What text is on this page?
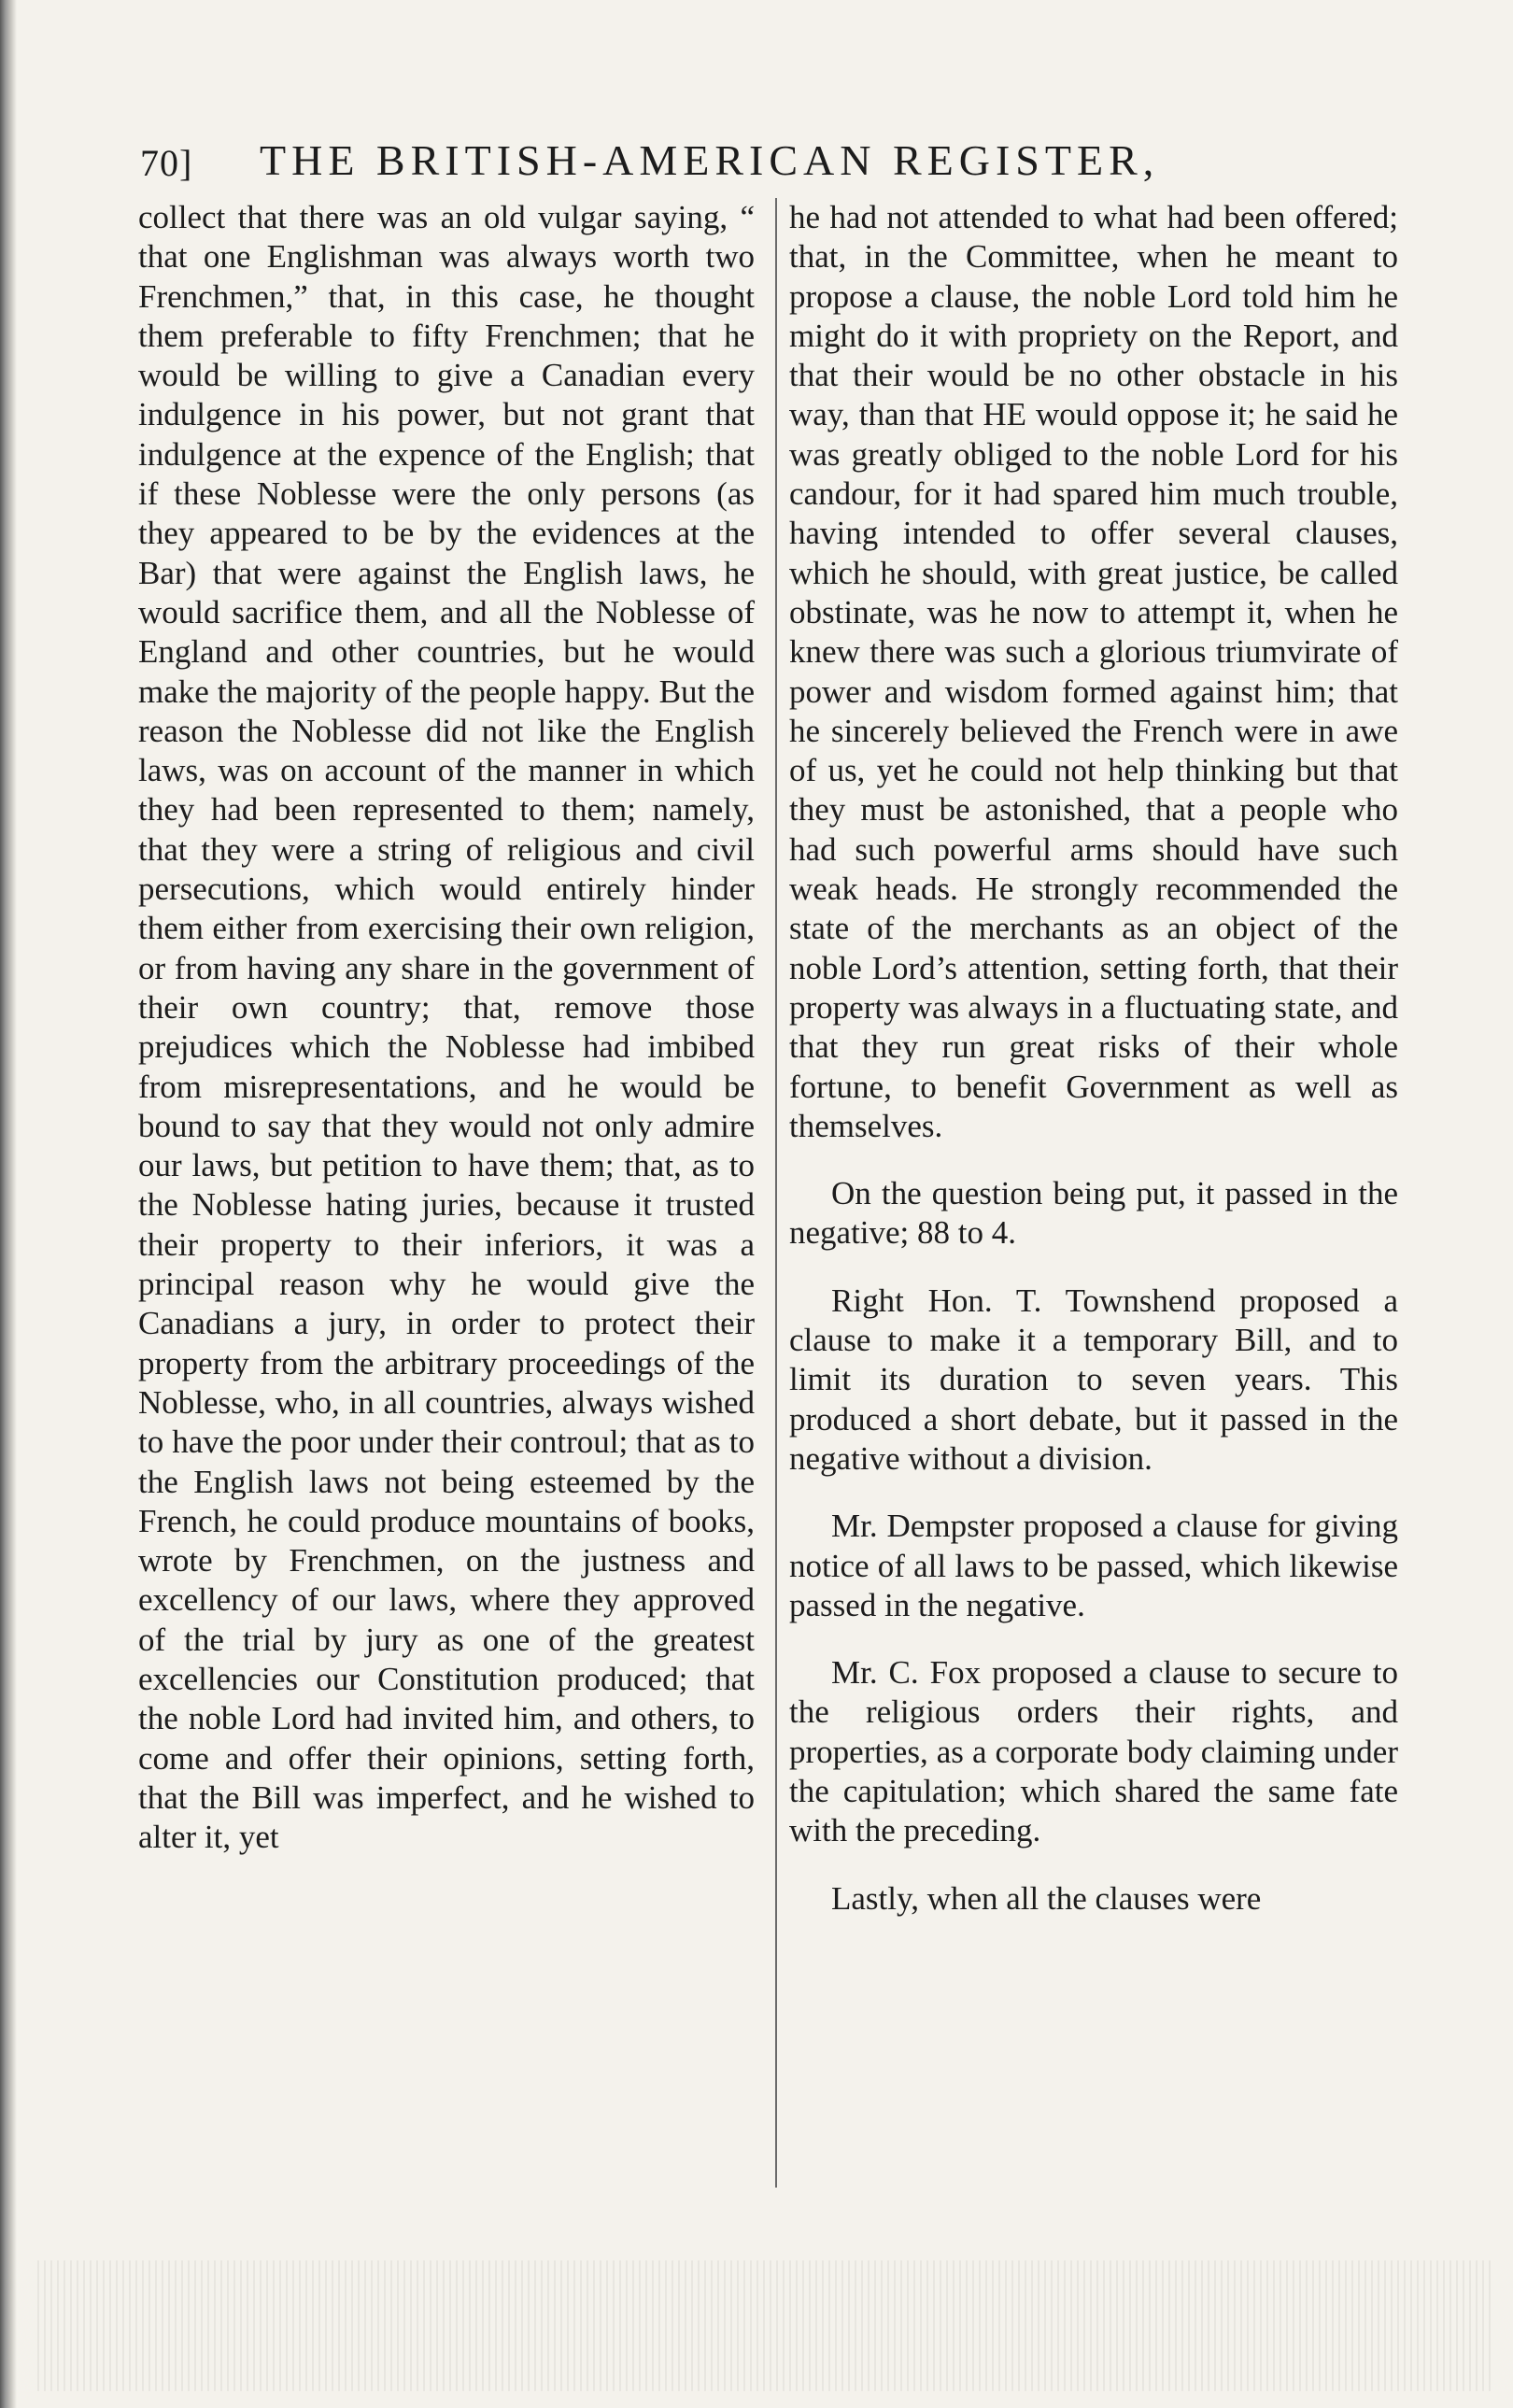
70] THE BRITISH-AMERICAN REGISTER,

collect that there was an old vulgar saying, “ that one Englishman was always worth two Frenchmen,” that, in this case, he thought them preferable to fifty Frenchmen; that he would be willing to give a Canadian every indulgence in his power, but not grant that indulgence at the expence of the English; that if these Noblesse were the only persons (as they appeared to be by the evidences at the Bar) that were against the English laws, he would sacrifice them, and all the Noblesse of England and other countries, but he would make the majority of the people happy. But the reason the Noblesse did not like the English laws, was on account of the manner in which they had been represented to them; namely, that they were a string of religious and civil persecutions, which would entirely hinder them either from exercising their own religion, or from having any share in the government of their own country; that, remove those prejudices which the Noblesse had imbibed from misrepresentations, and he would be bound to say that they would not only admire our laws, but petition to have them; that, as to the Noblesse hating juries, because it trusted their property to their inferiors, it was a principal reason why he would give the Canadians a jury, in order to protect their property from the arbitrary proceedings of the Noblesse, who, in all countries, always wished to have the poor under their controul; that as to the English laws not being esteemed by the French, he could produce mountains of books, wrote by Frenchmen, on the justness and excellency of our laws, where they approved of the trial by jury as one of the greatest excellencies our Constitution produced; that the noble Lord had invited him, and others, to come and offer their opinions, setting forth, that the Bill was imperfect, and he wished to alter it, yet

he had not attended to what had been offered; that, in the Committee, when he meant to propose a clause, the noble Lord told him he might do it with propriety on the Report, and that their would be no other obstacle in his way, than that HE would oppose it; he said he was greatly obliged to the noble Lord for his candour, for it had spared him much trouble, having intended to offer several clauses, which he should, with great justice, be called obstinate, was he now to attempt it, when he knew there was such a glorious triumvirate of power and wisdom formed against him; that he sincerely believed the French were in awe of us, yet he could not help thinking but that they must be astonished, that a people who had such powerful arms should have such weak heads. He strongly recommended the state of the merchants as an object of the noble Lord’s attention, setting forth, that their property was always in a fluctuating state, and that they run great risks of their whole fortune, to benefit Government as well as themselves.

On the question being put, it passed in the negative; 88 to 4.

Right Hon. T. Townshend proposed a clause to make it a temporary Bill, and to limit its duration to seven years. This produced a short debate, but it passed in the negative without a division.

Mr. Dempster proposed a clause for giving notice of all laws to be passed, which likewise passed in the negative.

Mr. C. Fox proposed a clause to secure to the religious orders their rights, and properties, as a corporate body claiming under the capitulation; which shared the same fate with the preceding.

Lastly, when all the clauses were
